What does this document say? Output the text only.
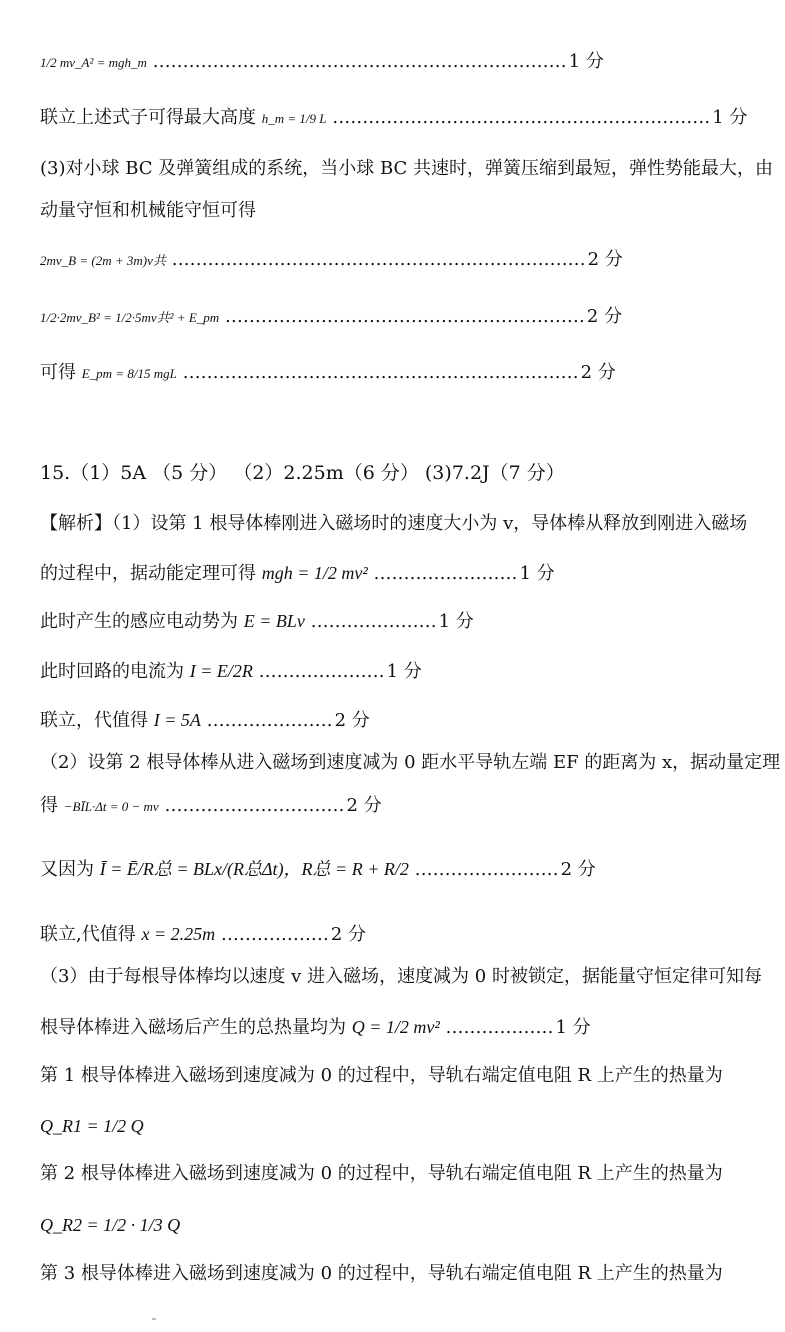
1/2 mv_A² = mgh_m …………………………………………………………… 1 分
联立上述式子可得最大高度 h_m = 1/9 L ……………………………………………………… 1 分
(3)对小球 BC 及弹簧组成的系统，当小球 BC 共速时，弹簧压缩到最短，弹性势能最大，由
动量守恒和机械能守恒可得
2mv_B = (2m + 3m)v共 …………………………………………………………… 2 分
1/2·2mv_B² = 1/2·5mv共² + E_pm …………………………………………………… 2 分
可得 E_pm = 8/15 mgL ………………………………………………………… 2 分
15.（1）5A （5 分） （2）2.25m（6 分） (3)7.2J（7 分）
【解析】（1）设第 1 根导体棒刚进入磁场时的速度大小为 v，导体棒从释放到刚进入磁场
的过程中，据动能定理可得 mgh = 1/2 mv² …………………… 1 分
此时产生的感应电动势为 E = BLv ………………… 1 分
此时回路的电流为 I = E/2R ………………… 1 分
联立，代值得 I = 5A ………………… 2 分
（2）设第 2 根导体棒从进入磁场到速度减为 0 距水平导轨左端 EF 的距离为 x，据动量定理
得 −BĪL·Δt = 0 − mv ………………………… 2 分
又因为 Ī = Ē/R总 = BLx/(R总Δt)，R总 = R + R/2 …………………… 2 分
联立,代值得 x = 2.25m ……………… 2 分
（3）由于每根导体棒均以速度 v 进入磁场，速度减为 0 时被锁定，据能量守恒定律可知每
根导体棒进入磁场后产生的总热量均为 Q = 1/2 mv² ……………… 1 分
第 1 根导体棒进入磁场到速度减为 0 的过程中，导轨右端定值电阻 R 上产生的热量为
Q_R1 = 1/2 Q
第 2 根导体棒进入磁场到速度减为 0 的过程中，导轨右端定值电阻 R 上产生的热量为
Q_R2 = 1/2 · 1/3 Q
第 3 根导体棒进入磁场到速度减为 0 的过程中，导轨右端定值电阻 R 上产生的热量为
